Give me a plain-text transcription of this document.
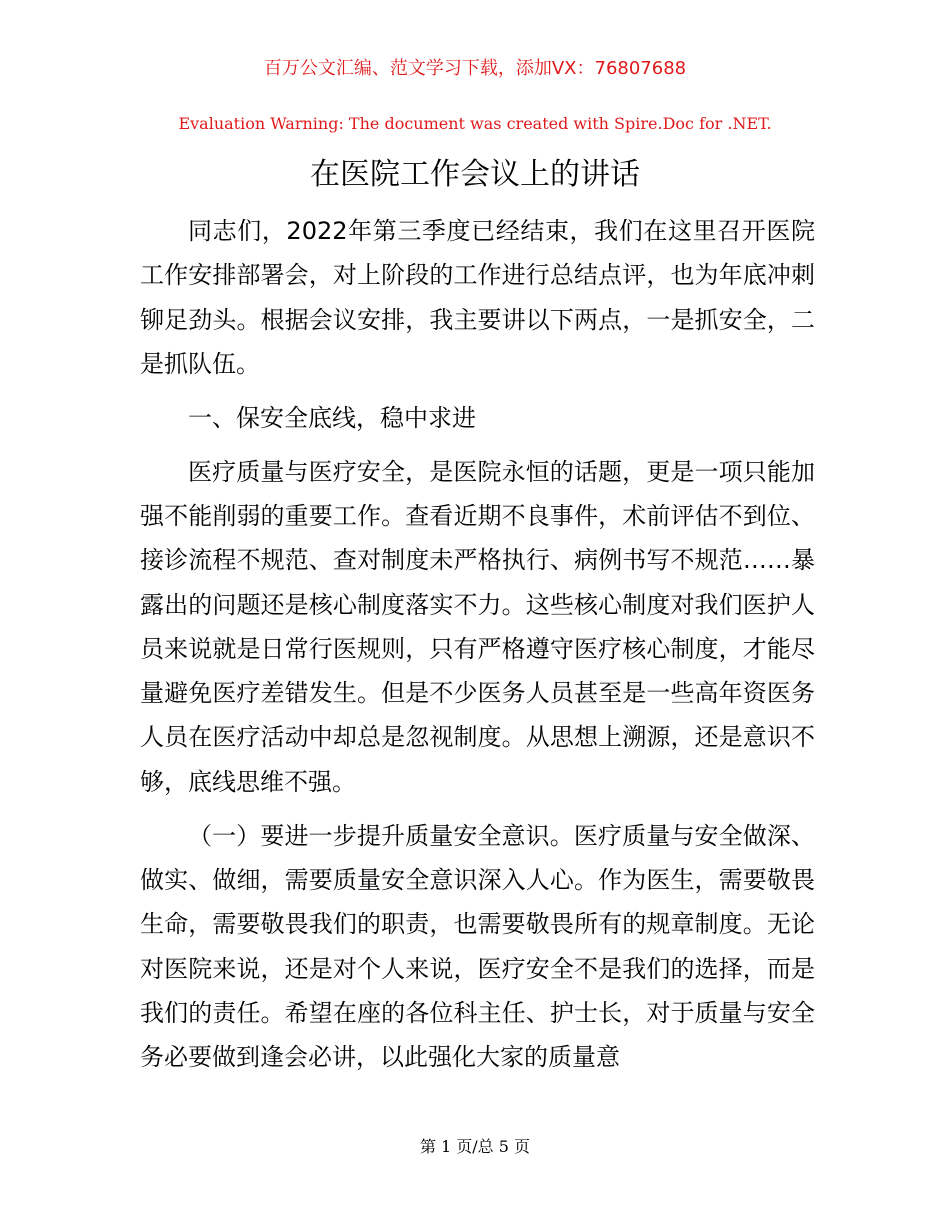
百万公文汇编、范文学习下载，添加VX：76807688
Evaluation Warning: The document was created with Spire.Doc for .NET.
在医院工作会议上的讲话

同志们，2022年第三季度已经结束，我们在这里召开医院工作安排部署会，对上阶段的工作进行总结点评，也为年底冲刺铆足劲头。根据会议安排，我主要讲以下两点，一是抓安全，二是抓队伍。

一、保安全底线，稳中求进

医疗质量与医疗安全，是医院永恒的话题，更是一项只能加强不能削弱的重要工作。查看近期不良事件，术前评估不到位、接诊流程不规范、查对制度未严格执行、病例书写不规范……暴露出的问题还是核心制度落实不力。这些核心制度对我们医护人员来说就是日常行医规则，只有严格遵守医疗核心制度，才能尽量避免医疗差错发生。但是不少医务人员甚至是一些高年资医务人员在医疗活动中却总是忽视制度。从思想上溯源，还是意识不够，底线思维不强。

（一）要进一步提升质量安全意识。医疗质量与安全做深、做实、做细，需要质量安全意识深入人心。作为医生，需要敬畏生命，需要敬畏我们的职责，也需要敬畏所有的规章制度。无论对医院来说，还是对个人来说，医疗安全不是我们的选择，而是我们的责任。希望在座的各位科主任、护士长，对于质量与安全务必要做到逢会必讲，以此强化大家的质量意

第 1 页/总 5 页
